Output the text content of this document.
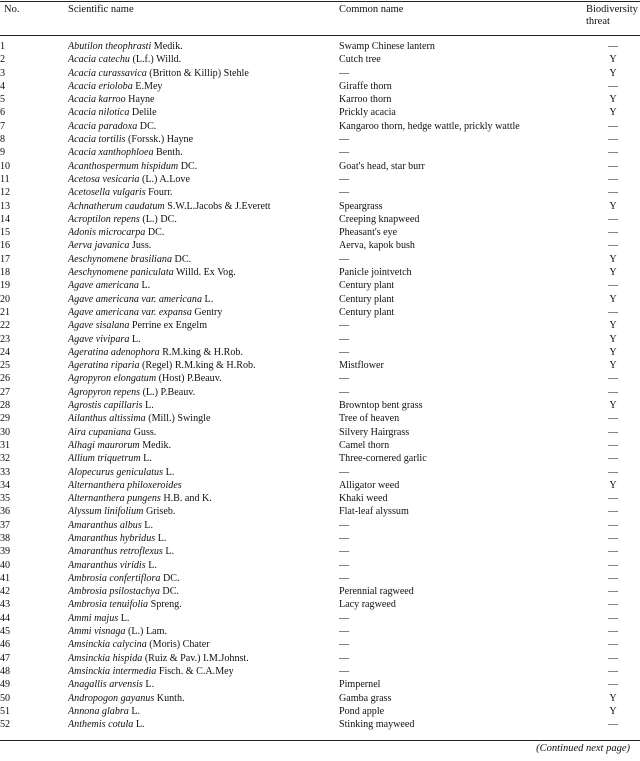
No.	Scientific name	Common name	Biodiversity threat
1	Abutilon theophrasti Medik.	Swamp Chinese lantern	—
2	Acacia catechu (L.f.) Willd.	Cutch tree	Y
3	Acacia curassavica (Britton & Killip) Stehle	—	Y
4	Acacia erioloba E.Mey	Giraffe thorn	—
5	Acacia karroo Hayne	Karroo thorn	Y
6	Acacia nilotica Delile	Prickly acacia	Y
7	Acacia paradoxa DC.	Kangaroo thorn, hedge wattle, prickly wattle	—
8	Acacia tortilis (Forssk.) Hayne	—	—
9	Acacia xanthophloea Benth.	—	—
10	Acanthospermum hispidum DC.	Goat's head, star burr	—
11	Acetosa vesicaria (L.) A.Love	—	—
12	Acetosella vulgaris Fourr.	—	—
13	Achnatherum caudatum S.W.L.Jacobs & J.Everett	Speargrass	Y
14	Acroptilon repens (L.) DC.	Creeping knapweed	—
15	Adonis microcarpa DC.	Pheasant's eye	—
16	Aerva javanica Juss.	Aerva, kapok bush	—
17	Aeschynomene brasiliana DC.	—	Y
18	Aeschynomene paniculata Willd. Ex Vog.	Panicle jointvetch	Y
19	Agave americana L.	Century plant	—
20	Agave americana var. americana L.	Century plant	Y
21	Agave americana var. expansa Gentry	Century plant	—
22	Agave sisalana Perrine ex Engelm	—	Y
23	Agave vivipara L.	—	Y
24	Ageratina adenophora R.M.king & H.Rob.	—	Y
25	Ageratina riparia (Regel) R.M.king & H.Rob.	Mistflower	Y
26	Agropyron elongatum (Host) P.Beauv.	—	—
27	Agropyron repens (L.) P.Beauv.	—	—
28	Agrostis capillaris L.	Browntop bent grass	Y
29	Ailanthus altissima (Mill.) Swingle	Tree of heaven	—
30	Aira cupaniana Guss.	Silvery Hairgrass	—
31	Alhagi maurorum Medik.	Camel thorn	—
32	Allium triquetrum L.	Three-cornered garlic	—
33	Alopecurus geniculatus L.	—	—
34	Alternanthera philoxeroides	Alligator weed	Y
35	Alternanthera pungens H.B. and K.	Khaki weed	—
36	Alyssum linifolium Griseb.	Flat-leaf alyssum	—
37	Amaranthus albus L.	—	—
38	Amaranthus hybridus L.	—	—
39	Amaranthus retroflexus L.	—	—
40	Amaranthus viridis L.	—	—
41	Ambrosia confertiflora DC.	—	—
42	Ambrosia psilostachya DC.	Perennial ragweed	—
43	Ambrosia tenuifolia Spreng.	Lacy ragweed	—
44	Ammi majus L.	—	—
45	Ammi visnaga (L.) Lam.	—	—
46	Amsinckia calycina (Moris) Chater	—	—
47	Amsinckia hispida (Ruiz & Pav.) I.M.Johnst.	—	—
48	Amsinckia intermedia Fisch. & C.A.Mey	—	—
49	Anagallis arvensis L.	Pimpernel	—
50	Andropogon gayanus Kunth.	Gamba grass	Y
51	Annona glabra L.	Pond apple	Y
52	Anthemis cotula L.	Stinking mayweed	—
(Continued next page)
